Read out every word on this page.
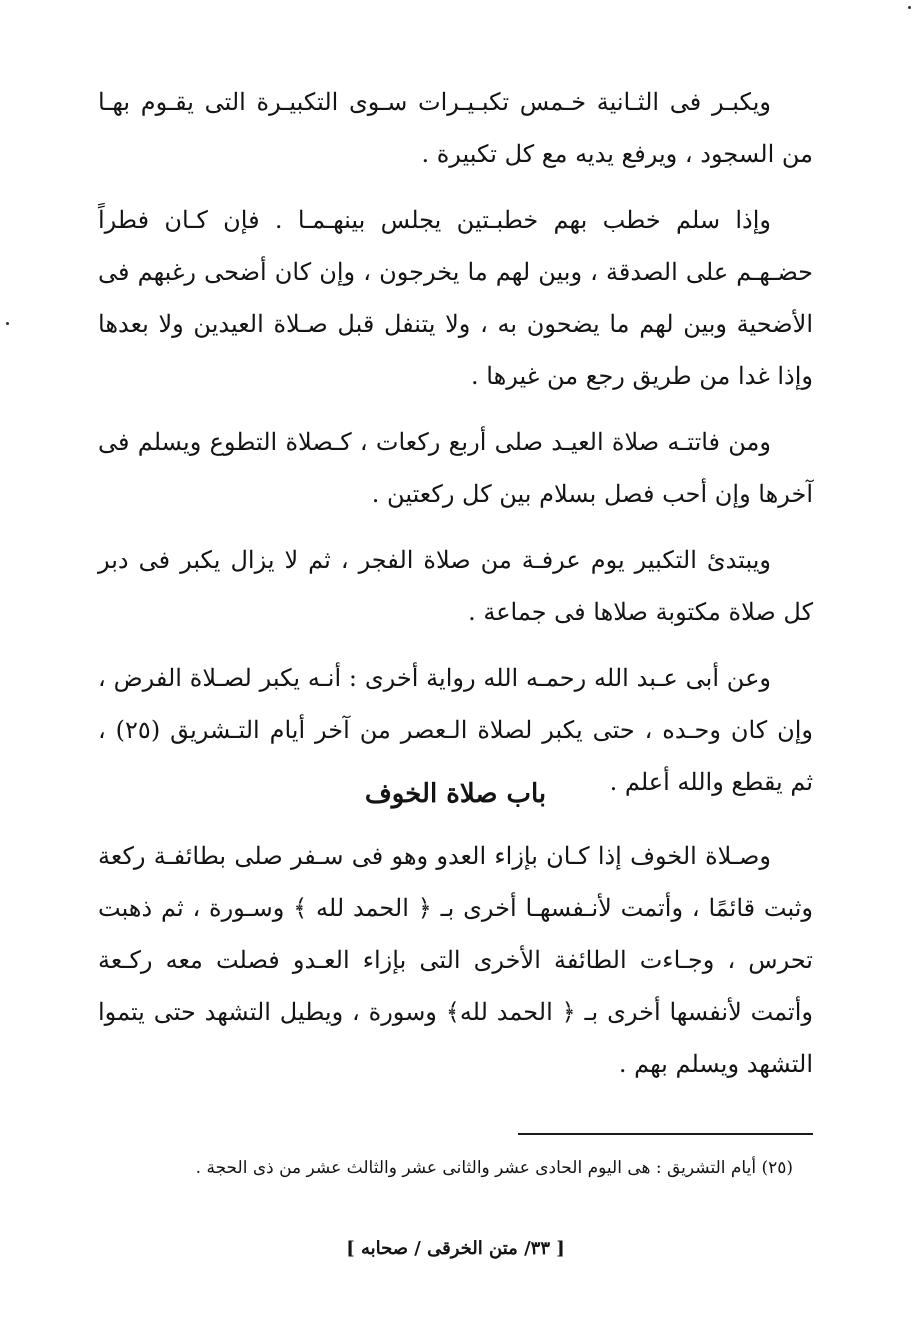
ويكبـر فى الثـانية خـمس تكبـيـرات سـوى التكبيـرة التى يقـوم بهـا من السجود ، ويرفع يديه مع كل تكبيرة .

وإذا سلم خطب بهم خطبـتين يجلس بينهـمـا . فإن كـان فطراً حضـهـم على الصدقة ، وبين لهم ما يخرجون ، وإن كان أضحى رغبهم فى الأضحية وبين لهم ما يضحون به ، ولا يتنفل قبل صـلاة العيدين ولا بعدها وإذا غدا من طريق رجع من غيرها .

ومن فاتتـه صلاة العيـد صلى أربع ركعات ، كـصلاة التطوع ويسلم فى آخرها وإن أحب فصل بسلام بين كل ركعتين .

ويبتدئ التكبير يوم عرفـة من صلاة الفجر ، ثم لا يزال يكبر فى دبر كل صلاة مكتوبة صلاها فى جماعة .

وعن أبى عـبد الله رحمـه الله رواية أخرى : أنـه يكبر لصـلاة الفرض ، وإن كان وحـده ، حتى يكبر لصلاة الـعصر من آخر أيام التـشريق (٢٥) ، ثم يقطع والله أعلم .

باب صلاة الخوف

وصـلاة الخوف إذا كـان بإزاء العدو وهو فى سـفر صلى بطائفـة ركعة وثبت قائمًا ، وأتمت لأنـفسهـا أخرى بـ ﴿ الحمد لله ﴾ وسـورة ، ثم ذهبت تحرس ، وجـاءت الطائفة الأخرى التى بإزاء العـدو فصلت معه ركـعة وأتمت لأنفسها أخرى بـ ﴿ الحمد لله﴾ وسورة ، ويطيل التشهد حتى يتموا التشهد ويسلم بهم .

(٢٥) أيام التشريق : هى اليوم الحادى عشر والثانى عشر والثالث عشر من ذى الحجة .
[ ٣٣/ متن الخرقى / صحابه ]
